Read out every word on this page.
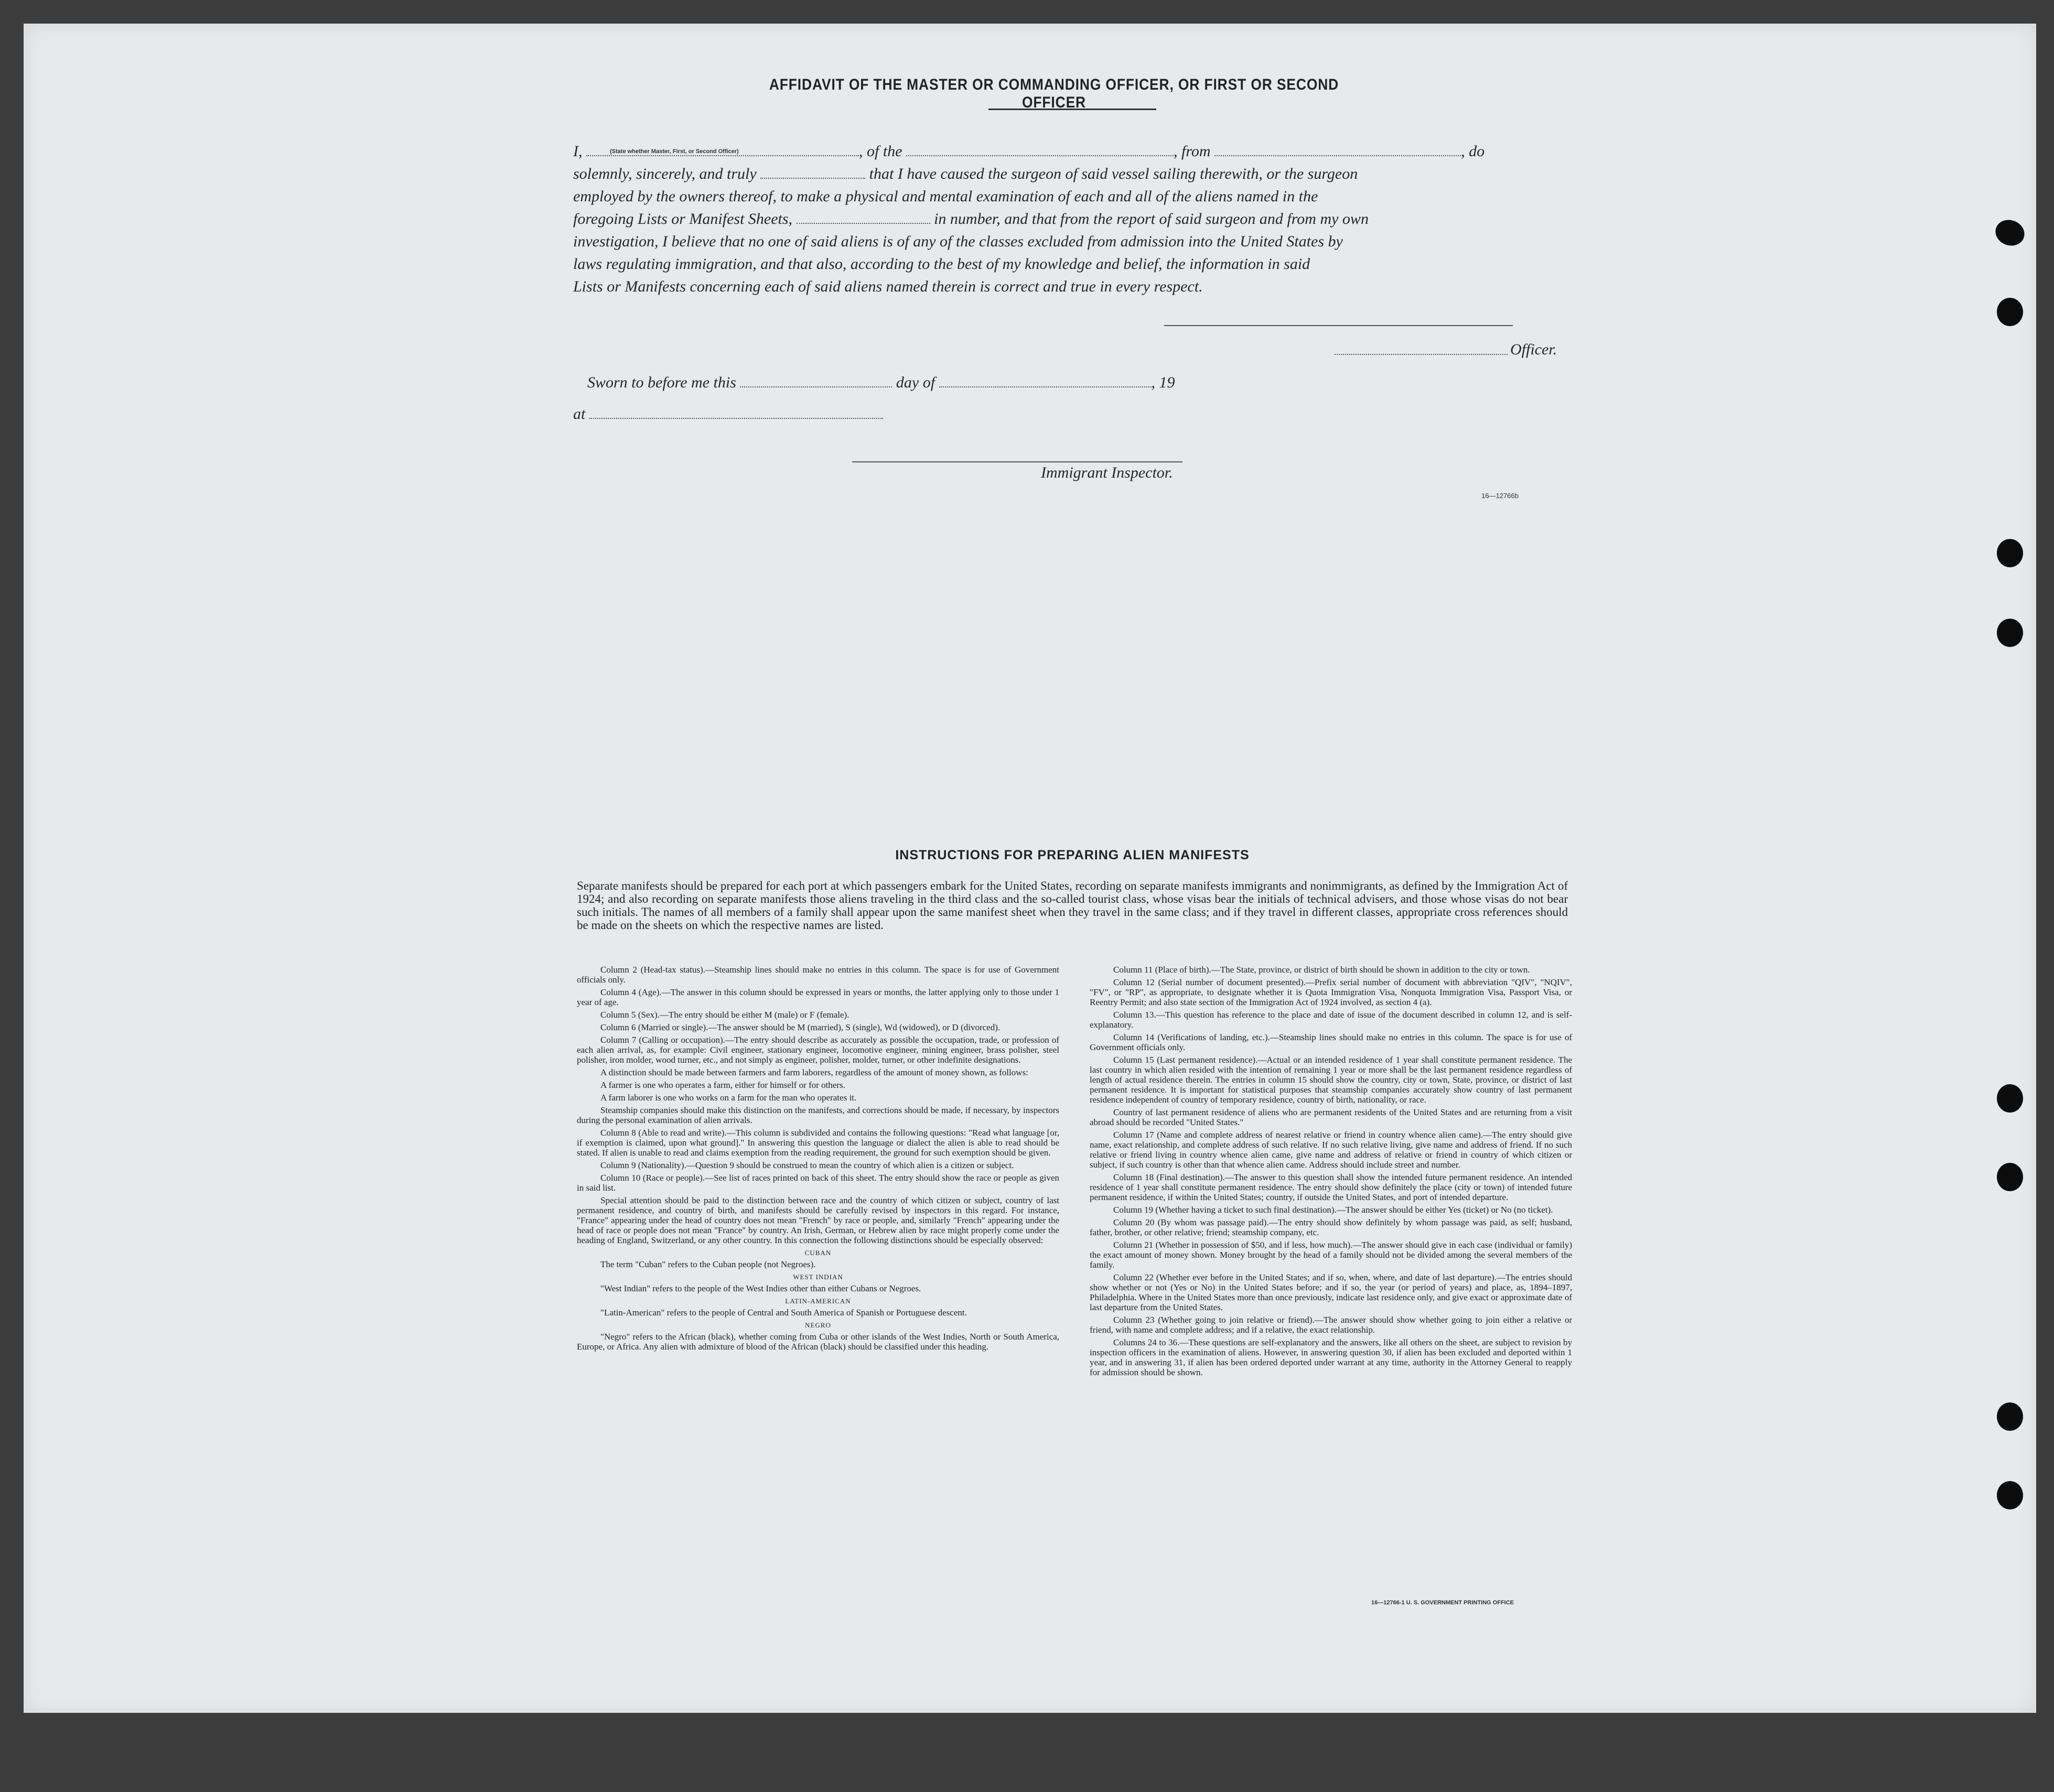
AFFIDAVIT OF THE MASTER OR COMMANDING OFFICER, OR FIRST OR SECOND OFFICER
I,	, of the	, from	, do
solemnly, sincerely, and truly	that I have caused the surgeon of said vessel sailing therewith, or the surgeon
employed by the owners thereof, to make a physical and mental examination of each and all of the aliens named in the
foregoing Lists or Manifest Sheets,	in number, and that from the report of said surgeon and from my own
investigation, I believe that no one of said aliens is of any of the classes excluded from admission into the United States by
laws regulating immigration, and that also, according to the best of my knowledge and belief, the information in said
Lists or Manifests concerning each of said aliens named therein is correct and true in every respect.
(State whether Master, First, or Second Officer)
Officer.
Sworn to before me this	day of	, 19
at
Immigrant Inspector.
16—12766b
INSTRUCTIONS FOR PREPARING ALIEN MANIFESTS
Separate manifests should be prepared for each port at which passengers embark for the United States, recording on separate manifests immigrants and nonimmigrants, as defined by the Immigration Act of 1924; and also recording on separate manifests those aliens traveling in the third class and the so-called tourist class, whose visas bear the initials of technical advisers, and those whose visas do not bear such initials. The names of all members of a family shall appear upon the same manifest sheet when they travel in the same class; and if they travel in different classes, appropriate cross references should be made on the sheets on which the respective names are listed.

Column 2 (Head-tax status).—Steamship lines should make no entries in this column. The space is for use of Government officials only.

Column 4 (Age).—The answer in this column should be expressed in years or months, the latter applying only to those under 1 year of age.

Column 5 (Sex).—The entry should be either M (male) or F (female).

Column 6 (Married or single).—The answer should be M (married), S (single), Wd (widowed), or D (divorced).

Column 7 (Calling or occupation).—The entry should describe as accurately as possible the occupation, trade, or profession of each alien arrival, as, for example: Civil engineer, stationary engineer, locomotive engineer, mining engineer, brass polisher, steel polisher, iron molder, wood turner, etc., and not simply as engineer, polisher, molder, turner, or other indefinite designations.

A distinction should be made between farmers and farm laborers, regardless of the amount of money shown, as follows:

A farmer is one who operates a farm, either for himself or for others.

A farm laborer is one who works on a farm for the man who operates it.

Steamship companies should make this distinction on the manifests, and corrections should be made, if necessary, by inspectors during the personal examination of alien arrivals.

Column 8 (Able to read and write).—This column is subdivided and contains the following questions: "Read what language [or, if exemption is claimed, upon what ground]." In answering this question the language or dialect the alien is able to read should be stated. If alien is unable to read and claims exemption from the reading requirement, the ground for such exemption should be given.

Column 9 (Nationality).—Question 9 should be construed to mean the country of which alien is a citizen or subject.

Column 10 (Race or people).—See list of races printed on back of this sheet. The entry should show the race or people as given in said list.

Special attention should be paid to the distinction between race and the country of which citizen or subject, country of last permanent residence, and country of birth, and manifests should be carefully revised by inspectors in this regard. For instance, "France" appearing under the head of country does not mean "French" by race or people, and, similarly "French" appearing under the head of race or people does not mean "France" by country. An Irish, German, or Hebrew alien by race might properly come under the heading of England, Switzerland, or any other country. In this connection the following distinctions should be especially observed:

CUBAN

The term "Cuban" refers to the Cuban people (not Negroes).

WEST INDIAN

"West Indian" refers to the people of the West Indies other than either Cubans or Negroes.

LATIN-AMERICAN

"Latin-American" refers to the people of Central and South America of Spanish or Portuguese descent.

NEGRO

"Negro" refers to the African (black), whether coming from Cuba or other islands of the West Indies, North or South America, Europe, or Africa. Any alien with admixture of blood of the African (black) should be classified under this heading.

Column 11 (Place of birth).—The State, province, or district of birth should be shown in addition to the city or town.

Column 12 (Serial number of document presented).—Prefix serial number of document with abbreviation "QIV", "NQIV", "FV", or "RP", as appropriate, to designate whether it is Quota Immigration Visa, Nonquota Immigration Visa, Passport Visa, or Reentry Permit; and also state section of the Immigration Act of 1924 involved, as section 4 (a).

Column 13.—This question has reference to the place and date of issue of the document described in column 12, and is self-explanatory.

Column 14 (Verifications of landing, etc.).—Steamship lines should make no entries in this column. The space is for use of Government officials only.

Column 15 (Last permanent residence).—Actual or an intended residence of 1 year shall constitute permanent residence. The last country in which alien resided with the intention of remaining 1 year or more shall be the last permanent residence regardless of length of actual residence therein. The entries in column 15 should show the country, city or town, State, province, or district of last permanent residence. It is important for statistical purposes that steamship companies accurately show country of last permanent residence independent of country of temporary residence, country of birth, nationality, or race.

Country of last permanent residence of aliens who are permanent residents of the United States and are returning from a visit abroad should be recorded "United States."

Column 17 (Name and complete address of nearest relative or friend in country whence alien came).—The entry should give name, exact relationship, and complete address of such relative. If no such relative living, give name and address of friend. If no such relative or friend living in country whence alien came, give name and address of relative or friend in country of which citizen or subject, if such country is other than that whence alien came. Address should include street and number.

Column 18 (Final destination).—The answer to this question shall show the intended future permanent residence. An intended residence of 1 year shall constitute permanent residence. The entry should show definitely the place (city or town) of intended future permanent residence, if within the United States; country, if outside the United States, and port of intended departure.

Column 19 (Whether having a ticket to such final destination).—The answer should be either Yes (ticket) or No (no ticket).

Column 20 (By whom was passage paid).—The entry should show definitely by whom passage was paid, as self; husband, father, brother, or other relative; friend; steamship company, etc.

Column 21 (Whether in possession of $50, and if less, how much).—The answer should give in each case (individual or family) the exact amount of money shown. Money brought by the head of a family should not be divided among the several members of the family.

Column 22 (Whether ever before in the United States; and if so, when, where, and date of last departure).—The entries should show whether or not (Yes or No) in the United States before; and if so, the year (or period of years) and place, as, 1894–1897, Philadelphia. Where in the United States more than once previously, indicate last residence only, and give exact or approximate date of last departure from the United States.

Column 23 (Whether going to join relative or friend).—The answer should show whether going to join either a relative or friend, with name and complete address; and if a relative, the exact relationship.

Columns 24 to 36.—These questions are self-explanatory and the answers, like all others on the sheet, are subject to revision by inspection officers in the examination of aliens. However, in answering question 30, if alien has been excluded and deported within 1 year, and in answering 31, if alien has been ordered deported under warrant at any time, authority in the Attorney General to reapply for admission should be shown.

16—12766-1 U. S. GOVERNMENT PRINTING OFFICE
